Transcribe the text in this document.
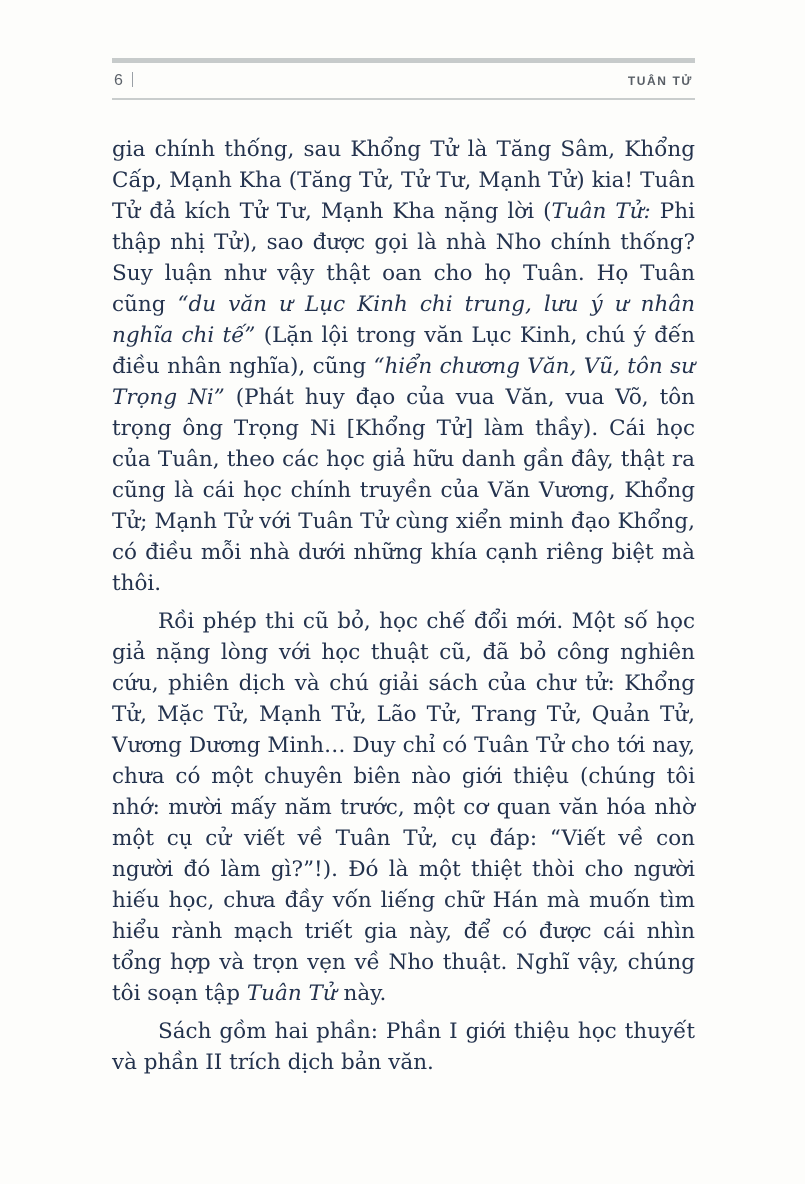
6	TUÂN TỬ

gia chính thống, sau Khổng Tử là Tăng Sâm, Khổng Cấp, Mạnh Kha (Tăng Tử, Tử Tư, Mạnh Tử) kia! Tuân Tử đả kích Tử Tư, Mạnh Kha nặng lời (Tuân Tử: Phi thập nhị Tử), sao được gọi là nhà Nho chính thống? Suy luận như vậy thật oan cho họ Tuân. Họ Tuân cũng “du văn ư Lục Kinh chi trung, lưu ý ư nhân nghĩa chi tế” (Lặn lội trong văn Lục Kinh, chú ý đến điều nhân nghĩa), cũng “hiển chương Văn, Vũ, tôn sư Trọng Ni” (Phát huy đạo của vua Văn, vua Võ, tôn trọng ông Trọng Ni [Khổng Tử] làm thầy). Cái học của Tuân, theo các học giả hữu danh gần đây, thật ra cũng là cái học chính truyền của Văn Vương, Khổng Tử; Mạnh Tử với Tuân Tử cùng xiển minh đạo Khổng, có điều mỗi nhà dưới những khía cạnh riêng biệt mà thôi.

Rồi phép thi cũ bỏ, học chế đổi mới. Một số học giả nặng lòng với học thuật cũ, đã bỏ công nghiên cứu, phiên dịch và chú giải sách của chư tử: Khổng Tử, Mặc Tử, Mạnh Tử, Lão Tử, Trang Tử, Quản Tử, Vương Dương Minh… Duy chỉ có Tuân Tử cho tới nay, chưa có một chuyên biên nào giới thiệu (chúng tôi nhớ: mười mấy năm trước, một cơ quan văn hóa nhờ một cụ cử viết về Tuân Tử, cụ đáp: “Viết về con người đó làm gì?”!). Đó là một thiệt thòi cho người hiếu học, chưa đầy vốn liếng chữ Hán mà muốn tìm hiểu rành mạch triết gia này, để có được cái nhìn tổng hợp và trọn vẹn về Nho thuật. Nghĩ vậy, chúng tôi soạn tập Tuân Tử này.

Sách gồm hai phần: Phần I giới thiệu học thuyết và phần II trích dịch bản văn.
